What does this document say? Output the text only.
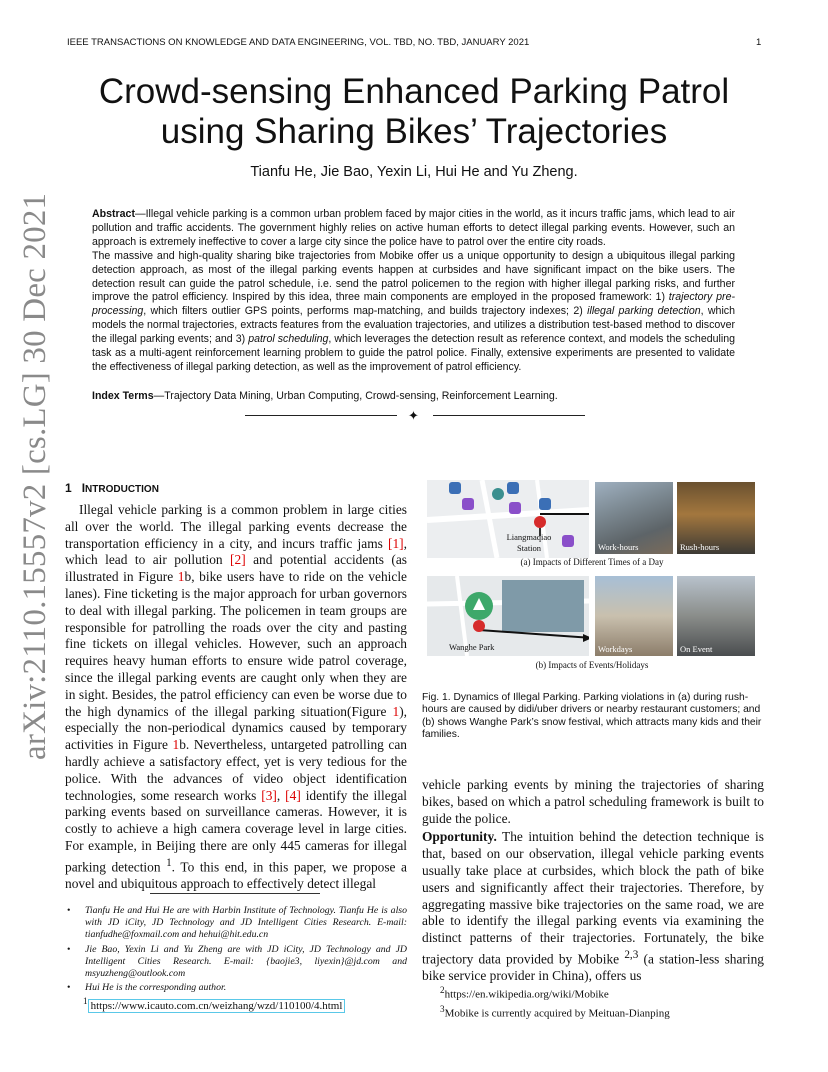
IEEE TRANSACTIONS ON KNOWLEDGE AND DATA ENGINEERING, VOL. TBD, NO. TBD, JANUARY 2021	1
arXiv:2110.15557v2 [cs.LG] 30 Dec 2021
Crowd-sensing Enhanced Parking Patrol
using Sharing Bikes’ Trajectories
Tianfu He, Jie Bao, Yexin Li, Hui He and Yu Zheng.

Abstract—Illegal vehicle parking is a common urban problem faced by major cities in the world, as it incurs traffic jams, which lead to air pollution and traffic accidents. The government highly relies on active human efforts to detect illegal parking events. However, such an approach is extremely ineffective to cover a large city since the police have to patrol over the entire city roads.

The massive and high-quality sharing bike trajectories from Mobike offer us a unique opportunity to design a ubiquitous illegal parking detection approach, as most of the illegal parking events happen at curbsides and have significant impact on the bike users. The detection result can guide the patrol schedule, i.e. send the patrol policemen to the region with higher illegal parking risks, and further improve the patrol efficiency. Inspired by this idea, three main components are employed in the proposed framework: 1) trajectory pre-processing, which filters outlier GPS points, performs map-matching, and builds trajectory indexes; 2) illegal parking detection, which models the normal trajectories, extracts features from the evaluation trajectories, and utilizes a distribution test-based method to discover the illegal parking events; and 3) patrol scheduling, which leverages the detection result as reference context, and models the scheduling task as a multi-agent reinforcement learning problem to guide the patrol police. Finally, extensive experiments are presented to validate the effectiveness of illegal parking detection, as well as the improvement of patrol efficiency.

Index Terms—Trajectory Data Mining, Urban Computing, Crowd-sensing, Reinforcement Learning.
✦
1 INTRODUCTION

Illegal vehicle parking is a common problem in large cities all over the world. The illegal parking events decrease the transportation efficiency in a city, and incurs traffic jams [1], which lead to air pollution [2] and potential accidents (as illustrated in Figure 1b, bike users have to ride on the vehicle lanes). Fine ticketing is the major approach for urban governors to deal with illegal parking. The policemen in team groups are responsible for patrolling the roads over the city and pasting fine tickets on illegal vehicles. However, such an approach requires heavy human efforts to ensure wide patrol coverage, since the illegal parking events are caught only when they are in sight. Besides, the patrol efficiency can even be worse due to the high dynamics of the illegal parking situation(Figure 1), especially the non-periodical dynamics caused by temporary activities in Figure 1b. Nevertheless, untargeted patrolling can hardly achieve a satisfactory effect, yet is very tedious for the police. With the advances of video object identification technologies, some research works [3], [4] identify the illegal parking events based on surveillance cameras. However, it is costly to achieve a high camera coverage level in large cities. For example, in Beijing there are only 445 cameras for illegal parking detection $^1$. To this end, in this paper, we propose a novel and ubiquitous approach to effectively detect illegal

• Tianfu He and Hui He are with Harbin Institute of Technology. Tianfu He is also with JD iCity, JD Technology and JD Intelligent Cities Research. E-mail: tianfudhe@foxmail.com and hehui@hit.edu.cn
• Jie Bao, Yexin Li and Yu Zheng are with JD iCity, JD Technology and JD Intelligent Cities Research. E-mail: {baojie3, liyexin}@jd.com and msyuzheng@outlook.com
• Hui He is the corresponding author.
$^1$ https://www.icauto.com.cn/weizhang/wzd/110100/4.html
Liangmaqiao Station	Work-hours	Rush-hours
(a) Impacts of Different Times of a Day
Wanghe Park	Workdays	On Event
(b) Impacts of Events/Holidays
Fig. 1. Dynamics of Illegal Parking. Parking violations in (a) during rush-hours are caused by didi/uber drivers or nearby restaurant customers; and (b) shows Wanghe Park’s snow festival, which attracts many kids and their families.

vehicle parking events by mining the trajectories of sharing bikes, based on which a patrol scheduling framework is built to guide the police.

Opportunity. The intuition behind the detection technique is that, based on our observation, illegal vehicle parking events usually take place at curbsides, which block the path of bike users and significantly affect their trajectories. Therefore, by aggregating massive bike trajectories on the same road, we are able to identify the illegal parking events via examining the distinct patterns of their trajectories. Fortunately, the bike trajectory data provided by Mobike $^{2,3}$ (a station-less sharing bike service provider in China), offers us

$^2$https://en.wikipedia.org/wiki/Mobike
$^3$Mobike is currently acquired by Meituan-Dianping
